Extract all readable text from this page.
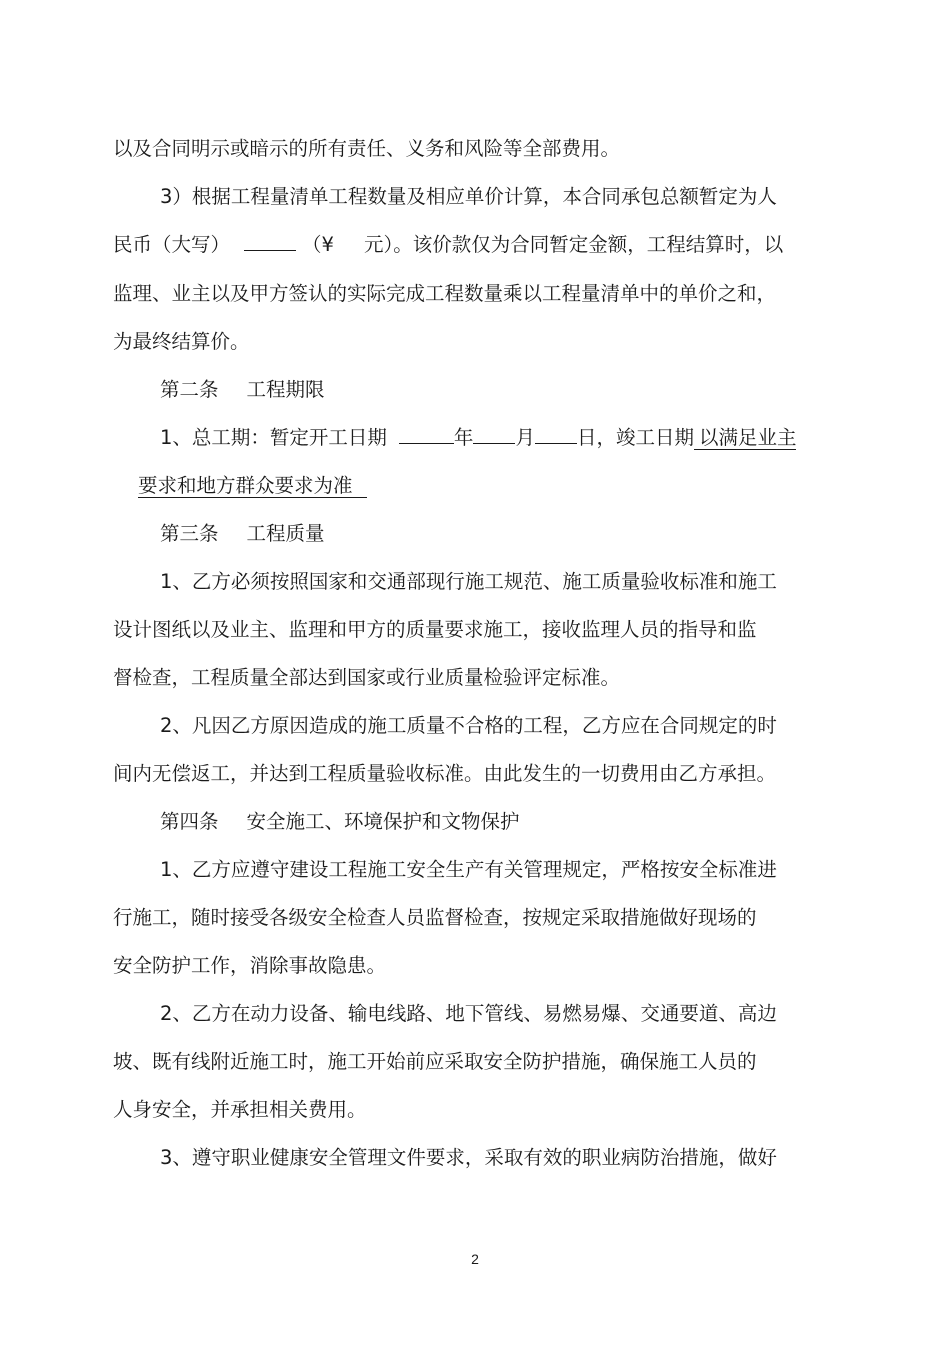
以及合同明示或暗示的所有责任、义务和风险等全部费用。
3）根据工程量清单工程数量及相应单价计算，本合同承包总额暂定为人
民币（大写）	（¥ 元）。该价款仅为合同暂定金额，工程结算时，以
监理、业主以及甲方签认的实际完成工程数量乘以工程量清单中的单价之和，
为最终结算价。
第二条 工程期限
1、总工期：暂定开工日期	年 月 日，竣工日期 以满足业主
要求和地方群众要求为准
第三条 工程质量
1、乙方必须按照国家和交通部现行施工规范、施工质量验收标准和施工
设计图纸以及业主、监理和甲方的质量要求施工，接收监理人员的指导和监
督检查，工程质量全部达到国家或行业质量检验评定标准。
2、凡因乙方原因造成的施工质量不合格的工程，乙方应在合同规定的时
间内无偿返工，并达到工程质量验收标准。由此发生的一切费用由乙方承担。
第四条 安全施工、环境保护和文物保护
1、乙方应遵守建设工程施工安全生产有关管理规定，严格按安全标准进
行施工，随时接受各级安全检查人员监督检查，按规定采取措施做好现场的
安全防护工作，消除事故隐患。
2、乙方在动力设备、输电线路、地下管线、易燃易爆、交通要道、高边
坡、既有线附近施工时，施工开始前应采取安全防护措施，确保施工人员的
人身安全，并承担相关费用。
3、遵守职业健康安全管理文件要求，采取有效的职业病防治措施，做好
2
